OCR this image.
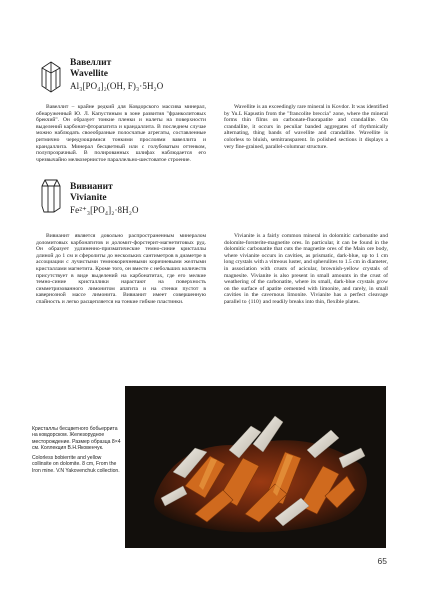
Вавеллит
Wavellite
Al₃[PO₄]₂(OH, F)₃·5H₂O

Вавеллит – крайне редкий для Ковдорского массива минерал, обнаруженный Ю. Л. Капустиным в зоне развития "франколитовых брекчий". Он образует тонкие пленки и налеты на поверхности выделений карбонат-фторапатита и крандаллита. В последнем случае можно наблюдать своеобразные полосчатые агрегаты, составленные ритмично чередующимися тонкими прослоями вавеллита и крандаллита. Минерал бесцветный или с голубоватым оттенком, полупрозрачный. В полированных шлифах наблюдается его чрезвычайно мелкозернистое параллельно-шестоватое строение.

Wavellite is an exceedingly rare mineral in Kovdor. It was identified by Yu.L Kapustin from the "francolite breccia" zone, where the mineral forms thin films on carbonate-fluorapatite and crandallite. On crandallite, it occurs in peculiar banded aggregates of rhythmically alternating, thing bands of wavellite and crandallite. Wavellite is colorless to bluish, semitransparent. In polished sections it displays a very fine-grained, parallel-columnar structure.

Вивианит
Vivianite
Fe²⁺₃[PO₄]₂·8H₂O

Вивианит является довольно распространенным минералом доломитовых карбонатитов и доломит-форстерит-магнетитовых руд. Он образует удлиненно-призматические темно-синие кристаллы длиной до 1 см и сферолиты до нескольких сантиметров в диаметре в ассоциации с лучистыми темнокоричневыми коричневыми желтыми кристаллами магнетита. Кроме того, он вместе с небольших количеств присутствует в виде выделений на карбонатитах, где его мелкие темно-синие кристаллики нарастают на поверхность симметризованного лимонитом апатита и на стенки пустот в кавернозной массе лимонита. Вивианит имеет совершенную спайность и легко расщепляется на тонкие гибкие пластинки.

Vivianite is a fairly common mineral in dolomitic carbonatite and dolomite-forsterite-magnetite ores. In particular, it can be found in the dolomitic carbonatite that cuts the magnetite ores of the Main ore body, where vivianite occurs in cavities, as prismatic, dark-blue, up to 1 cm long crystals with a vitreous luster, and spherulites to 1.5 cm in diameter, in association with crusts of acicular, brownish-yellow crystals of magnesite. Vivianite is also present in small amounts in the crust of weathering of the carbonatite, where its small, dark-blue crystals grow on the surface of apatite cemented with limonite, and rarely, in small cavities in the cavernous limonite. Vivianite has a perfect cleavage parallel to {110} and readily breaks into thin, flexible plates.

Кристаллы бесцветного бобьеррита на ковдорском. Железорудное месторождение. Размер образца 8×4 см. Коллекция В.Н.Яковенчук.

Colorless bobierrite and yellow collinsite on dolomite. 8 cm, From the Iron mine. V.N Yakovenchuk collection.

65
